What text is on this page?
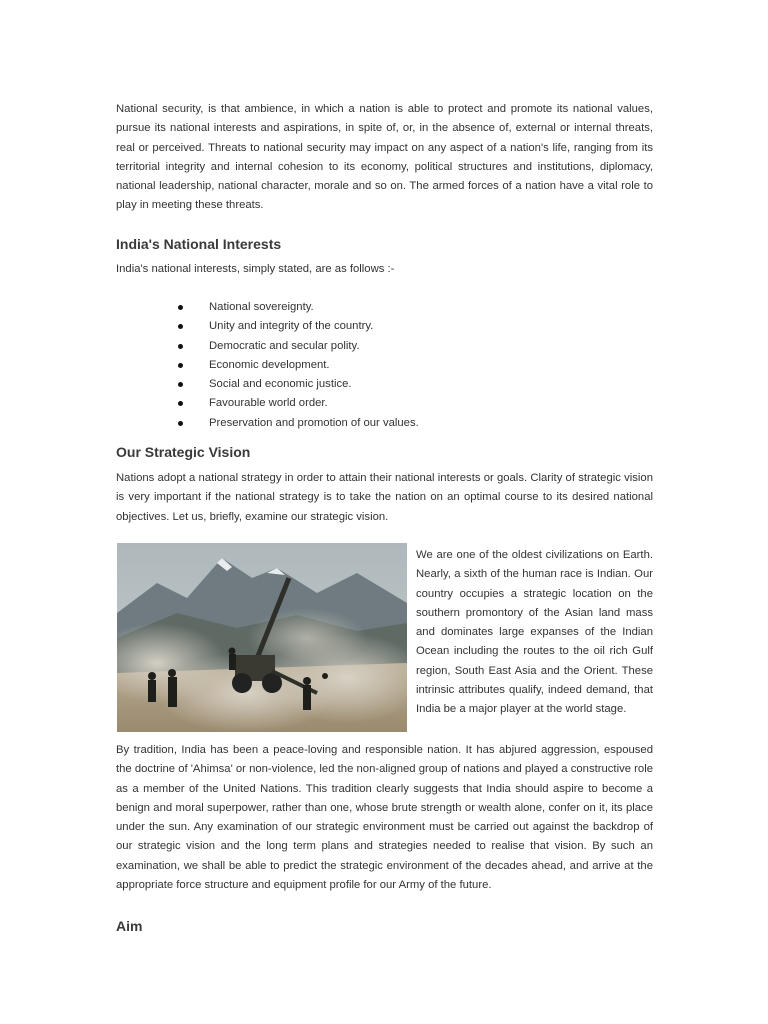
National security, is that ambience, in which a nation is able to protect and promote its national values, pursue its national interests and aspirations, in spite of, or, in the absence of, external or internal threats, real or perceived. Threats to national security may impact on any aspect of a nation's life, ranging from its territorial integrity and internal cohesion to its economy, political structures and institutions, diplomacy, national leadership, national character, morale and so on. The armed forces of a nation have a vital role to play in meeting these threats.

India's National Interests

India's national interests, simply stated, are as follows :-

National sovereignty.
Unity and integrity of the country.
Democratic and secular polity.
Economic development.
Social and economic justice.
Favourable world order.
Preservation and promotion of our values.
Our Strategic Vision

Nations adopt a national strategy in order to attain their national interests or goals. Clarity of strategic vision is very important if the national strategy is to take the nation on an optimal course to its desired national objectives. Let us, briefly, examine our strategic vision.

We are one of the oldest civilizations on Earth. Nearly, a sixth of the human race is Indian. Our country occupies a strategic location on the southern promontory of the Asian land mass and dominates large expanses of the Indian Ocean including the routes to the oil rich Gulf region, South East Asia and the Orient. These intrinsic attributes qualify, indeed demand, that India be a major player at the world stage.

By tradition, India has been a peace-loving and responsible nation. It has abjured aggression, espoused the doctrine of 'Ahimsa' or non-violence, led the non-aligned group of nations and played a constructive role as a member of the United Nations. This tradition clearly suggests that India should aspire to become a benign and moral superpower, rather than one, whose brute strength or wealth alone, confer on it, its place under the sun. Any examination of our strategic environment must be carried out against the backdrop of our strategic vision and the long term plans and strategies needed to realise that vision. By such an examination, we shall be able to predict the strategic environment of the decades ahead, and arrive at the appropriate force structure and equipment profile for our Army of the future.

Aim
